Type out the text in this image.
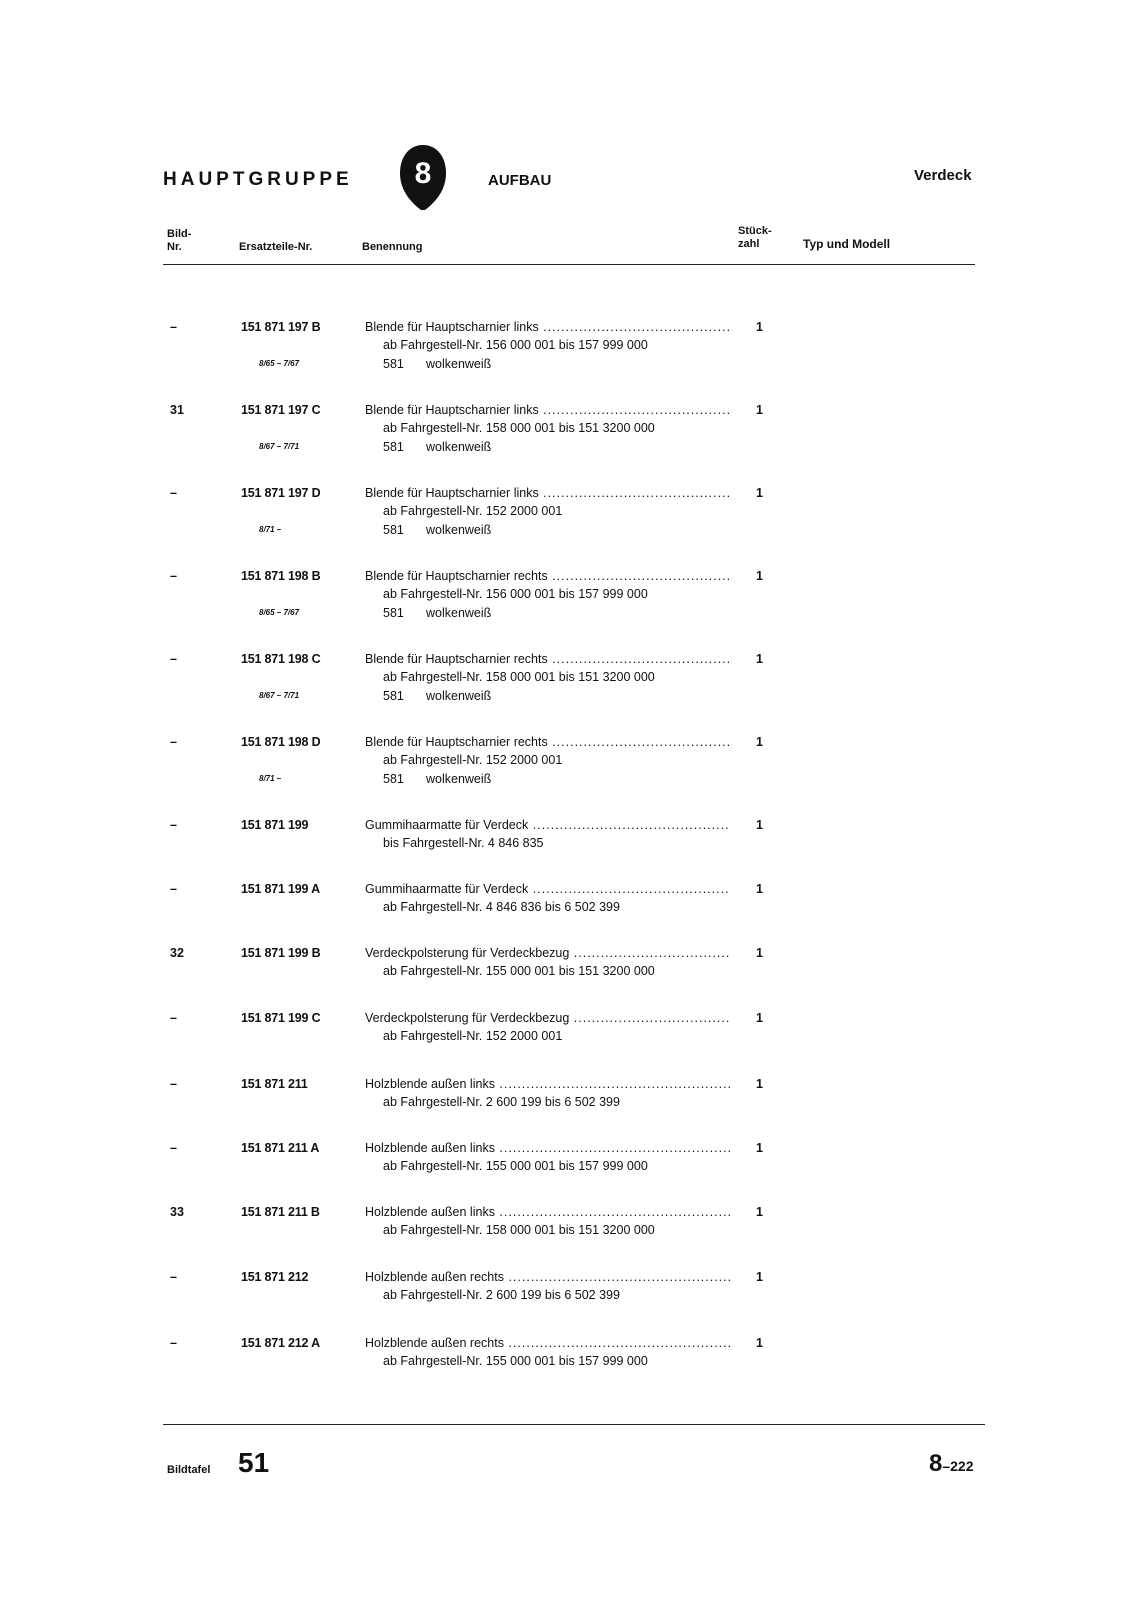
HAUPTGRUPPE	8	AUFBAU	Verdeck
Bild-
Nr.	Ersatzteile-Nr.	Benennung
Stück-
zahl	Typ und Modell
–	151 871 197 B	Blende für Hauptscharnier links .....	1
ab Fahrgestell-Nr. 156 000 001 bis 157 999 000
8/65 – 7/67	581 wolkenweiß
31	151 871 197 C	Blende für Hauptscharnier links .....	1
ab Fahrgestell-Nr. 158 000 001 bis 151 3200 000
8/67 – 7/71	581 wolkenweiß
–	151 871 197 D	Blende für Hauptscharnier links .....	1
ab Fahrgestell-Nr. 152 2000 001
8/71 –	581 wolkenweiß
–	151 871 198 B	Blende für Hauptscharnier rechts .....	1
ab Fahrgestell-Nr. 156 000 001 bis 157 999 000
8/65 – 7/67	581 wolkenweiß
–	151 871 198 C	Blende für Hauptscharnier rechts .....	1
ab Fahrgestell-Nr. 158 000 001 bis 151 3200 000
8/67 – 7/71	581 wolkenweiß
–	151 871 198 D	Blende für Hauptscharnier rechts .....	1
ab Fahrgestell-Nr. 152 2000 001
8/71 –	581 wolkenweiß
–	151 871 199	Gummihaarmatte für Verdeck .....	1
bis Fahrgestell-Nr. 4 846 835
–	151 871 199 A	Gummihaarmatte für Verdeck .....	1
ab Fahrgestell-Nr. 4 846 836 bis 6 502 399
32	151 871 199 B	Verdeckpolsterung für Verdeckbezug .....	1
ab Fahrgestell-Nr. 155 000 001 bis 151 3200 000
–	151 871 199 C	Verdeckpolsterung für Verdeckbezug .....	1
ab Fahrgestell-Nr. 152 2000 001
–	151 871 211	Holzblende außen links .....	1
ab Fahrgestell-Nr. 2 600 199 bis 6 502 399
–	151 871 211 A	Holzblende außen links .....	1
ab Fahrgestell-Nr. 155 000 001 bis 157 999 000
33	151 871 211 B	Holzblende außen links .....	1
ab Fahrgestell-Nr. 158 000 001 bis 151 3200 000
–	151 871 212	Holzblende außen rechts .....	1
ab Fahrgestell-Nr. 2 600 199 bis 6 502 399
–	151 871 212 A	Holzblende außen rechts .....	1
ab Fahrgestell-Nr. 155 000 001 bis 157 999 000
Bildtafel 51	8–222
